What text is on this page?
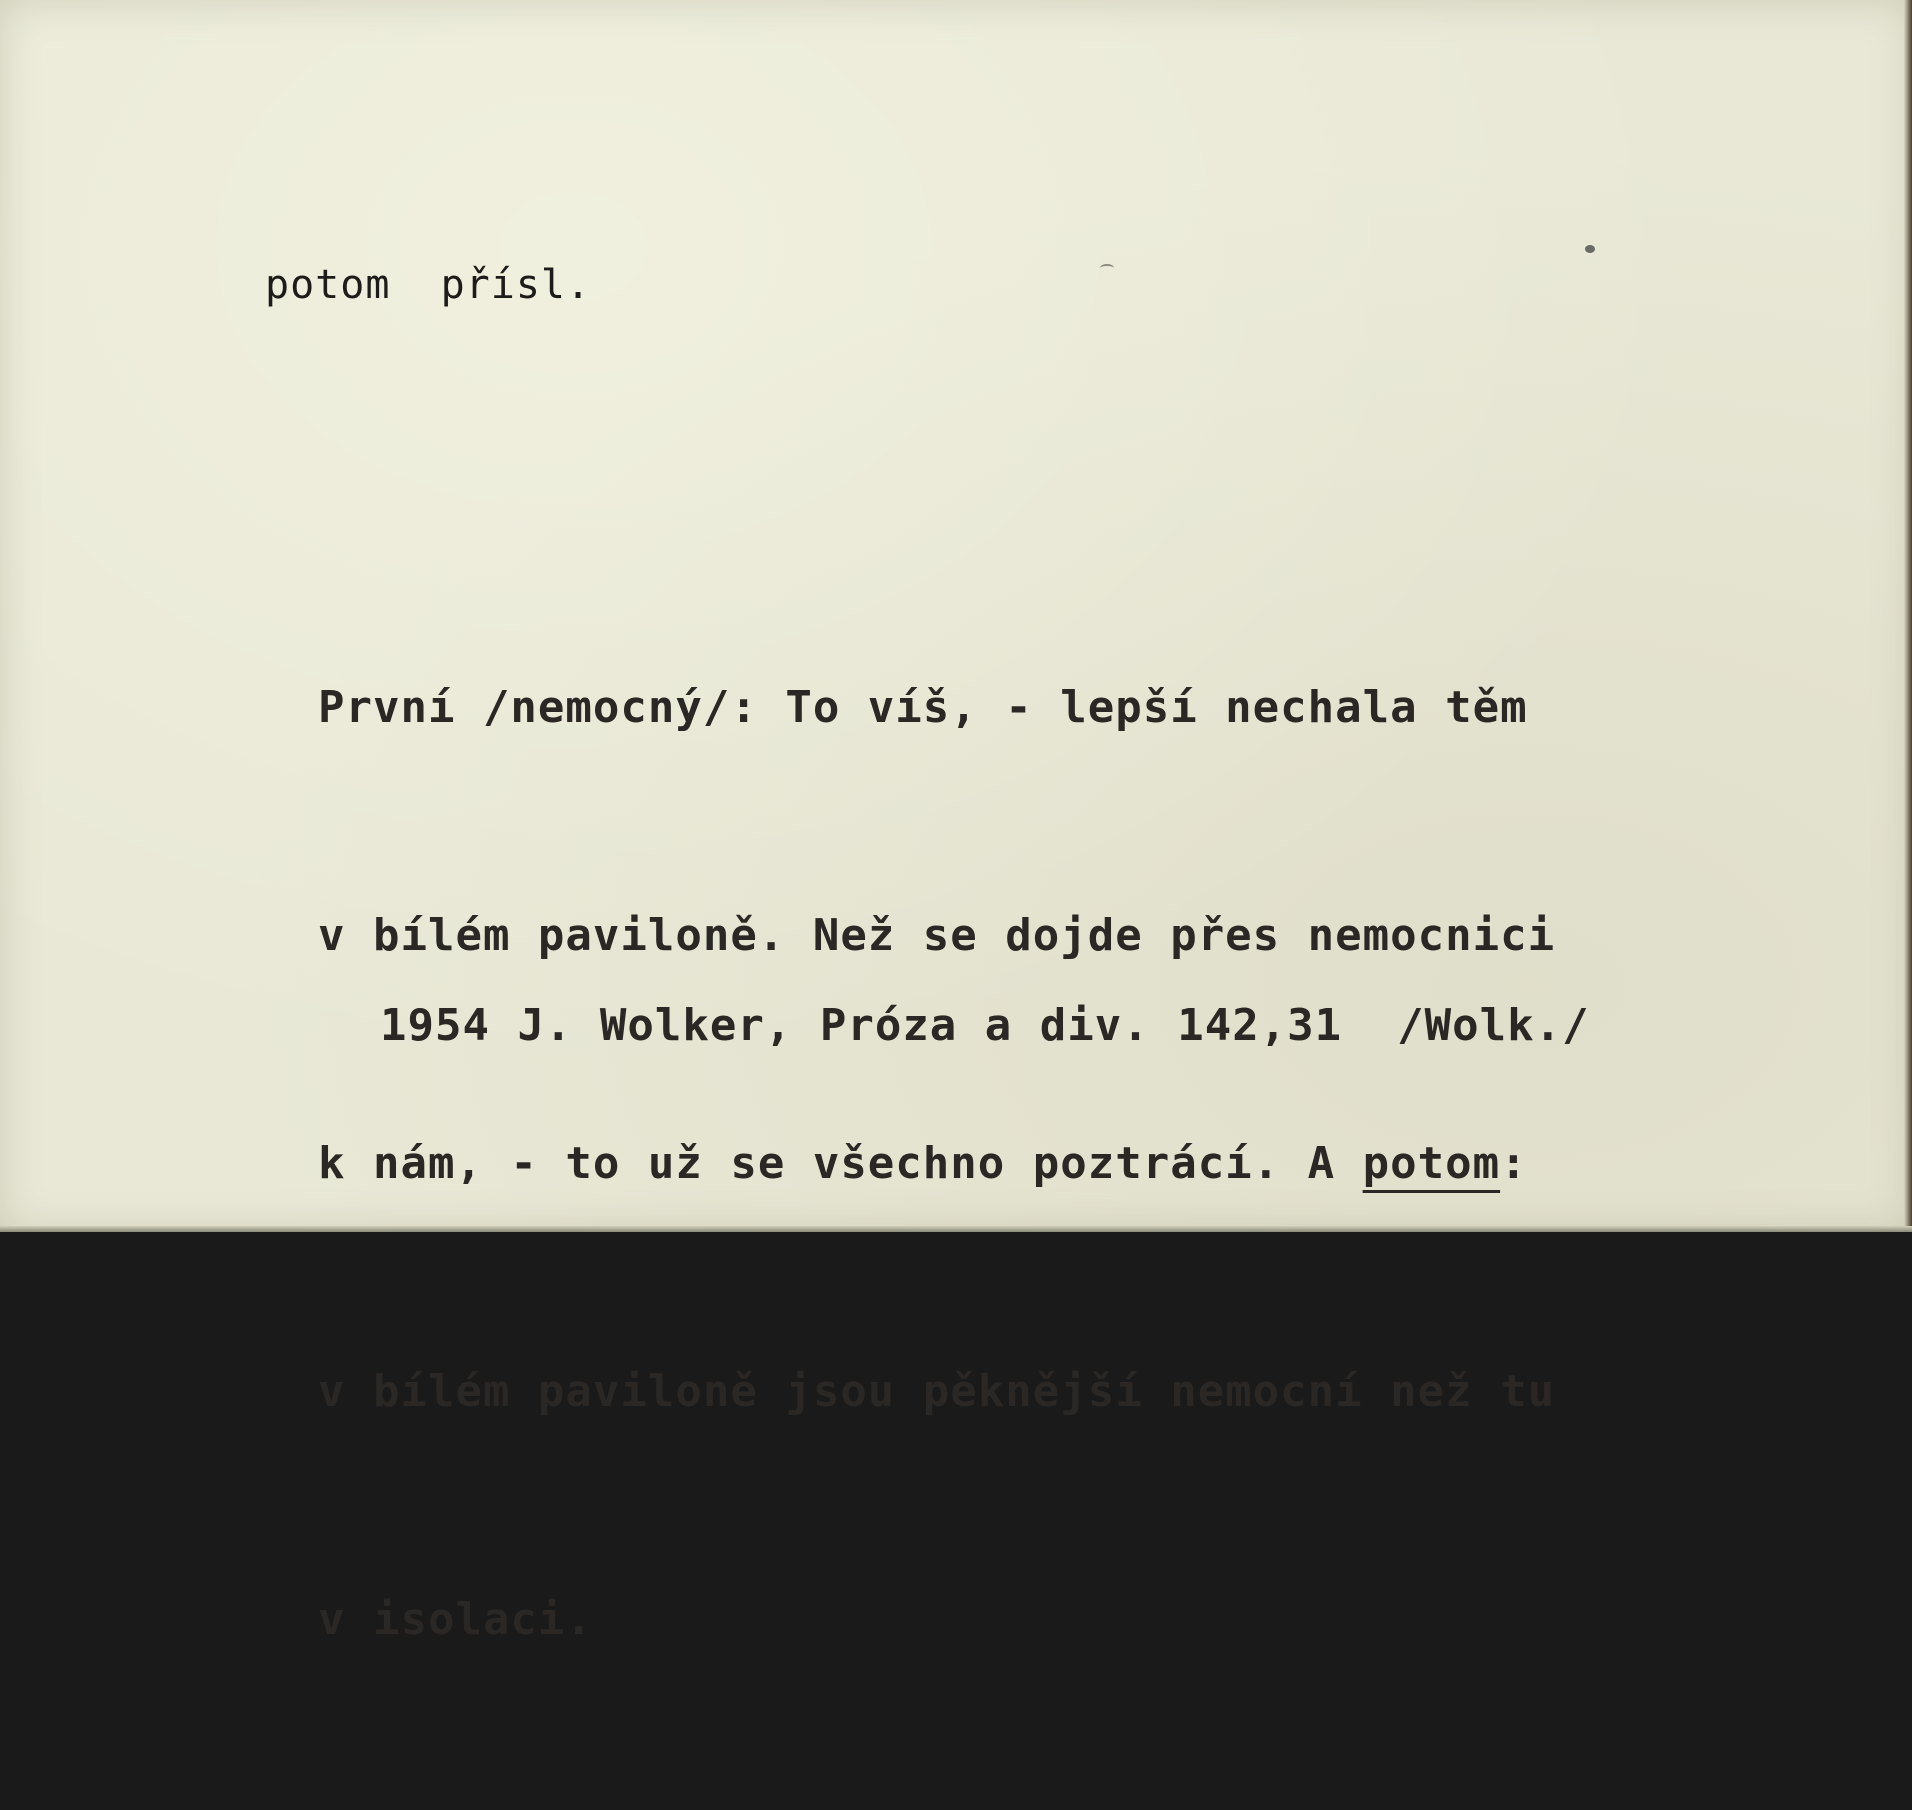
potom  přísl.

První /nemocný/: To víš, - lepší nechala těm

v bílém paviloně. Než se dojde přes nemocnici

k nám, - to už se všechno poztrácí. A potom:

v bílém paviloně jsou pěknější nemocní než tu

v isolaci.

1954 J. Wolker, Próza a div. 142,31  /Wolk./
